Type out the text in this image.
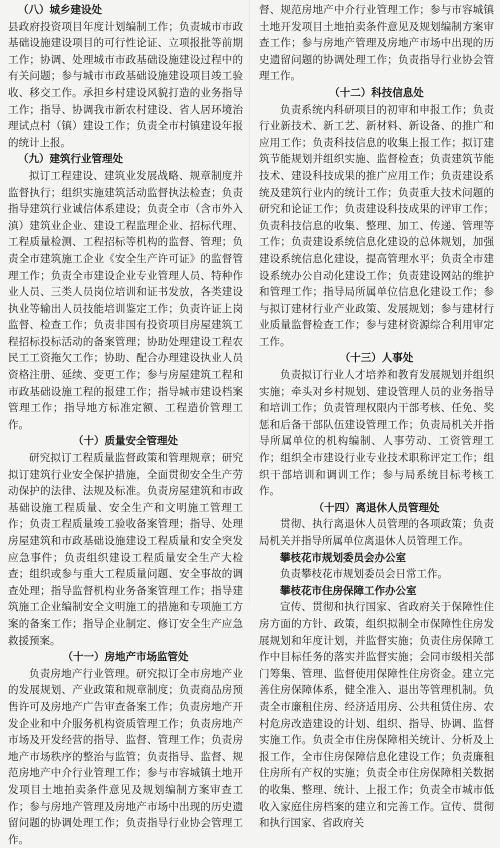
（八）城乡建设处

县政府投资项目年度计划编制工作；负责城市市政基础设施建设项目的可行性论证、立项报批等前期工作；协调、处理城市市政基础设施建设过程中的有关问题；参与城市市政基础设施建设项目竣工验收、移交工作。承担乡村建设风貌打造的业务指导工作；指导、协调我市新农村建设、省人居环境治理试点村（镇）建设工作；负责全市村镇建设年报的统计上报。

（九）建筑行业管理处

拟订工程建设、建筑业发展战略、规章制度并监督执行；组织实施建筑活动监督执法检查；负责指导建筑行业诚信体系建设；负责全市（含市外入滇）建筑业企业、建设工程监理企业、招标代理、工程质量检测、工程招标等机构的监督、管理；负责全市建筑施工企业《安全生产许可证》的监督管理工作；负责全市建设企业专业管理人员、特种作业人员、三类人员岗位培训和证书发放，各类建设执业等输出人员技能培训鉴定工作；负责许证上岗监督、检查工作；负责非国有投资项目房屋建筑工程招标投标活动的备案管理；协助处理建设工程农民工工资拖欠工作；协助、配合办理建设执业人员资格注册、延续、变更工作；参与房屋建筑工程和市政基础设施工程的报建工作；指导城市建设档案管理工作；指导地方标准定额、工程造价管理工作。

（十）质量安全管理处

研究拟订工程质量监督政策和管理规章；研究拟订建筑行业安全保护措施，全面贯彻安全生产劳动保护的法律、法规及标准。负责房屋建筑和市政基础设施工程质量、安全生产和文明施工管理工作；负责工程质量竣工验收备案管理；指导、处理房屋建筑和市政基础设施建设工程质量和安全突发应急事件；负责组织建设工程质量安全生产大检查；组织或参与重大工程质量问题、安全事故的调查处理；指导监督机构业务备案管理工作；指导建筑施工企业编制安全文明施工的措施和专项施工方案的备案工作；指导企业制定、修订安全生产应急救援预案。

（十一）房地产市场监管处

负责房地产行业管理。研究拟订全市房地产业的发展规划、产业政策和规章制度；负责商品房预售许可及房地产广告审查备案工作；负责房地产开发企业和中介服务机构资质管理工作；负责房地产市场及开发经营的指导、监督、管理工作；负责房地产市场秩序的整治与监管；负责指导、监督、规范房地产中介行业管理工作；参与市容城镇土地开发项目土地拍卖条件意见及规划编制方案审查工作；参与房地产管理及房地产市场中出现的历史遗留问题的协调处理工作；负责指导行业协会管理工作。

督、规范房地产中介行业管理工作；参与市容城镇土地开发项目土地拍卖条件意见及规划编制方案审查工作；参与房地产管理及房地产市场中出现的历史遗留问题的协调处理工作；负责指导行业协会管理工作。

（十二）科技信息处

负责系统内科研项目的初审和申报工作；负责行业新技术、新工艺、新材料、新设备、的推广和应用工作；负责科技信息的收集上报工作；拟订建筑节能规划并组织实施、监督检查；负责建筑节能技术、建设科技成果的推广应用工作；负责建设系统及建筑行业内的统计工作；负责重大技术问题的研究和论证工作；负责建设科技成果的评审工作；负责科技信息的收集、整理、加工、传递、管理等工作；负责建设系统信息化建设的总体规划，加强建设系统信息化建设，提高管理水平；负责全市建设系统办公自动化建设工作；负责建设网站的维护和管理工作；指导局所属单位信息化建设工作；参与拟订建材行业产业政策、发展规划；参与建材行业质量监督检查工作；参与建材资源综合利用审定工作。

（十三）人事处

负责拟订行业人才培养和教育发展规划并组织实施；牵头对乡村规划、建设管理人员的业务指导和培训工作；负责管理权限内干部考核、任免、奖惩和后备干部队伍建设管理工作；负责局机关并指导所属单位的机构编制、人事劳动、工资管理工作；组织全市建设行业专业技术职称评定工作；组织干部培训和调训工作；参与局系统目标考核工作。

（十四）离退休人员管理处

贯彻、执行离退休人员管理的各项政策；负责局机关并指导所属单位离退休人员管理工作。

攀枝花市规划委员会办公室

负责攀枝花市规划委员会日常工作。

攀枝花市住房保障工作办公室

宣传、贯彻和执行国家、省政府关于保障性住房方面的方针、政策，组织拟制全市保障性住房发展规划和年度计划，并监督实施；负责住房保障工作中目标任务的落实并监督实施；会同市级相关部门筹集、管理、监督使用保障性住房资金。建立完善住房保障体系，健全准入、退出等管理机制。负责全市廉租住房、经济适用房、公共租赁住房、农村危房改造建设的计划、组织、指导、协调、监督实施工作。负责全市住房保障相关统计、分析及上报工作，全市住房保障信息化建设工作；负责廉租住房所有产权的实施；负责全市住房保障相关数据的收集、整理、统计、上报工作；负责全市城市低收入家庭住房档案的建立和完善工作。宣传、贯彻和执行国家、省政府关
